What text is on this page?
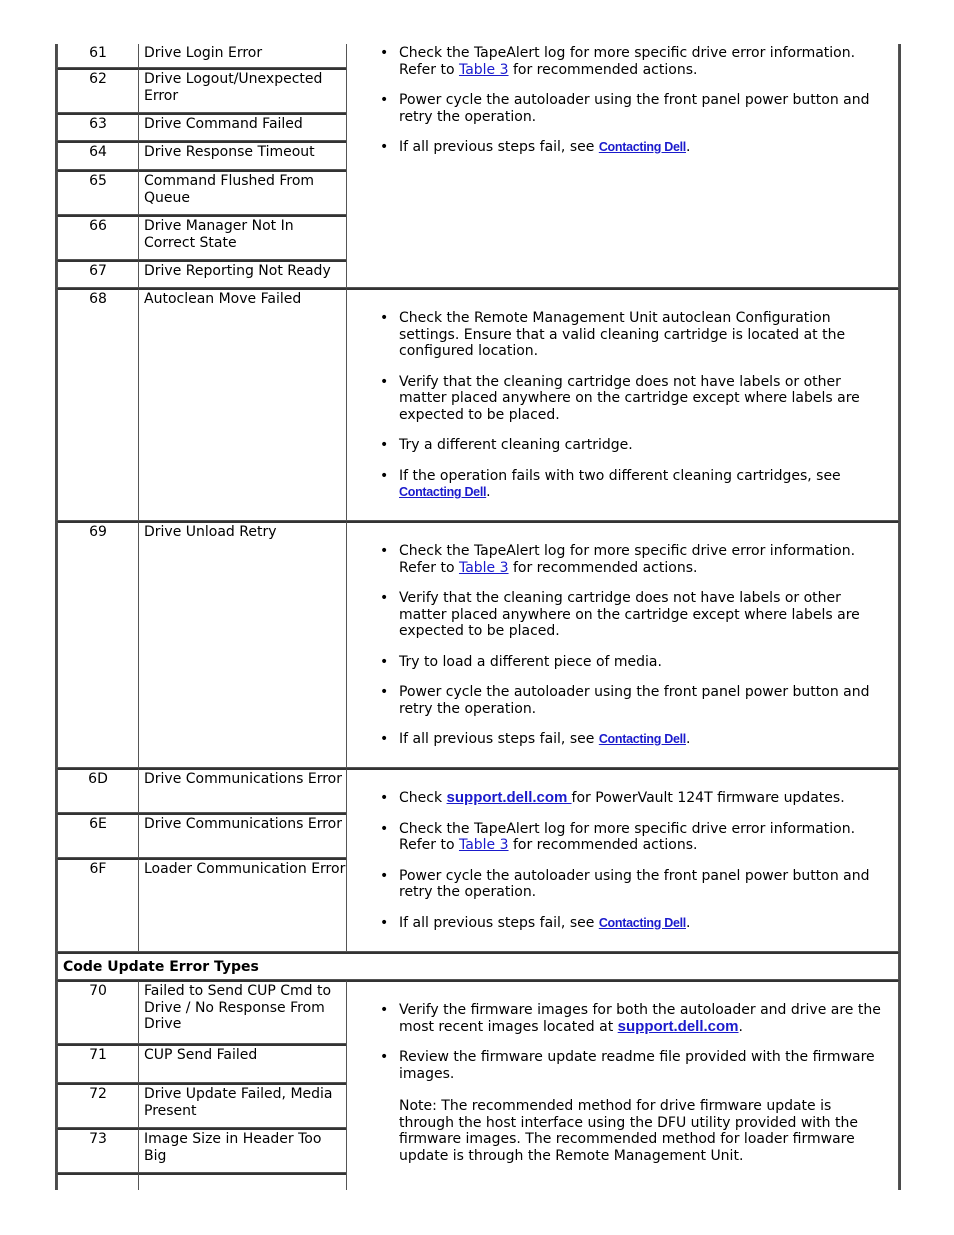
61	Drive Login Error
62	Drive Logout/Unexpected Error
63	Drive Command Failed
64	Drive Response Timeout
65	Command Flushed From Queue
66	Drive Manager Not In Correct State
67	Drive Reporting Not Ready
• Check the TapeAlert log for more specific drive error information. Refer to Table 3 for recommended actions.
• Power cycle the autoloader using the front panel power button and retry the operation.
• If all previous steps fail, see Contacting Dell.
68	Autoclean Move Failed
• Check the Remote Management Unit autoclean Configuration settings. Ensure that a valid cleaning cartridge is located at the configured location.
• Verify that the cleaning cartridge does not have labels or other matter placed anywhere on the cartridge except where labels are expected to be placed.
• Try a different cleaning cartridge.
• If the operation fails with two different cleaning cartridges, see Contacting Dell.
69	Drive Unload Retry
• Check the TapeAlert log for more specific drive error information. Refer to Table 3 for recommended actions.
• Verify that the cleaning cartridge does not have labels or other matter placed anywhere on the cartridge except where labels are expected to be placed.
• Try to load a different piece of media.
• Power cycle the autoloader using the front panel power button and retry the operation.
• If all previous steps fail, see Contacting Dell.
6D	Drive Communications Error
6E	Drive Communications Error
6F	Loader Communication Error
• Check support.dell.com for PowerVault 124T firmware updates.
• Check the TapeAlert log for more specific drive error information. Refer to Table 3 for recommended actions.
• Power cycle the autoloader using the front panel power button and retry the operation.
• If all previous steps fail, see Contacting Dell.
Code Update Error Types
70	Failed to Send CUP Cmd to Drive / No Response From Drive
71	CUP Send Failed
72	Drive Update Failed, Media Present
73	Image Size in Header Too Big
• Verify the firmware images for both the autoloader and drive are the most recent images located at support.dell.com.
• Review the firmware update readme file provided with the firmware images.
Note: The recommended method for drive firmware update is through the host interface using the DFU utility provided with the firmware images. The recommended method for loader firmware update is through the Remote Management Unit.
